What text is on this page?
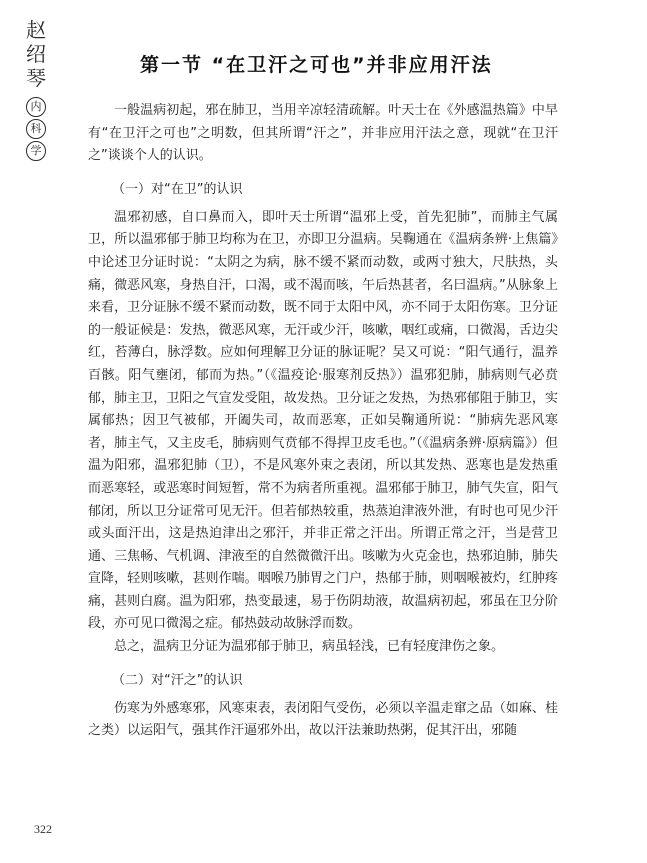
赵
绍
琴
内
科
学
第一节 “在卫汗之可也”并非应用汗法

一般温病初起，邪在肺卫，当用辛凉轻清疏解。叶天士在《外感温热篇》中早有“在卫汗之可也”之明数，但其所谓“汗之”，并非应用汗法之意，现就“在卫汗之”谈谈个人的认识。

（一）对“在卫”的认识

温邪初感，自口鼻而入，即叶天士所谓“温邪上受，首先犯肺”，而肺主气属卫，所以温邪郁于肺卫均称为在卫，亦即卫分温病。吴鞠通在《温病条辨·上焦篇》中论述卫分证时说：“太阴之为病，脉不缓不紧而动数，或两寸独大，尺肤热，头痛，微恶风寒，身热自汗，口渴，或不渴而咳，午后热甚者，名曰温病。”从脉象上来看，卫分证脉不缓不紧而动数，既不同于太阳中风，亦不同于太阳伤寒。卫分证的一般证候是：发热，微恶风寒，无汗或少汗，咳嗽，咽红或痛，口微渴，舌边尖红，苔薄白，脉浮数。应如何理解卫分证的脉证呢？吴又可说：“阳气通行，温养百骸。阳气壅闭，郁而为热。”（《温疫论·服寒剂反热》）温邪犯肺，肺病则气必贲郁，肺主卫，卫阳之气宣发受阻，故发热。卫分证之发热，为热邪郁阻于肺卫，实属郁热；因卫气被郁，开阖失司，故而恶寒，正如吴鞠通所说：“肺病先恶风寒者，肺主气，又主皮毛，肺病则气贲郁不得捍卫皮毛也。”（《温病条辨·原病篇》）但温为阳邪，温邪犯肺（卫），不是风寒外束之表闭，所以其发热、恶寒也是发热重而恶寒轻，或恶寒时间短暂，常不为病者所重视。温邪郁于肺卫，肺气失宣，阳气郁闭，所以卫分证常可见无汗。但若郁热较重，热蒸迫津液外泄，有时也可见少汗或头面汗出，这是热迫津出之邪汗，并非正常之汗出。所谓正常之汗，当是营卫通、三焦畅、气机调、津液至的自然微微汗出。咳嗽为火克金也，热邪迫肺，肺失宣降，轻则咳嗽，甚则作喘。咽喉乃肺胃之门户，热郁于肺，则咽喉被灼，红肿疼痛，甚则白腐。温为阳邪，热变最速，易于伤阴劫液，故温病初起，邪虽在卫分阶段，亦可见口微渴之症。郁热鼓动故脉浮而数。

总之，温病卫分证为温邪郁于肺卫，病虽轻浅，已有轻度津伤之象。

（二）对“汗之”的认识

伤寒为外感寒邪，风寒束表，表闭阳气受伤，必须以辛温走窜之品（如麻、桂之类）以运阳气，强其作汗逼邪外出，故以汗法兼助热粥，促其汗出，邪随

322
